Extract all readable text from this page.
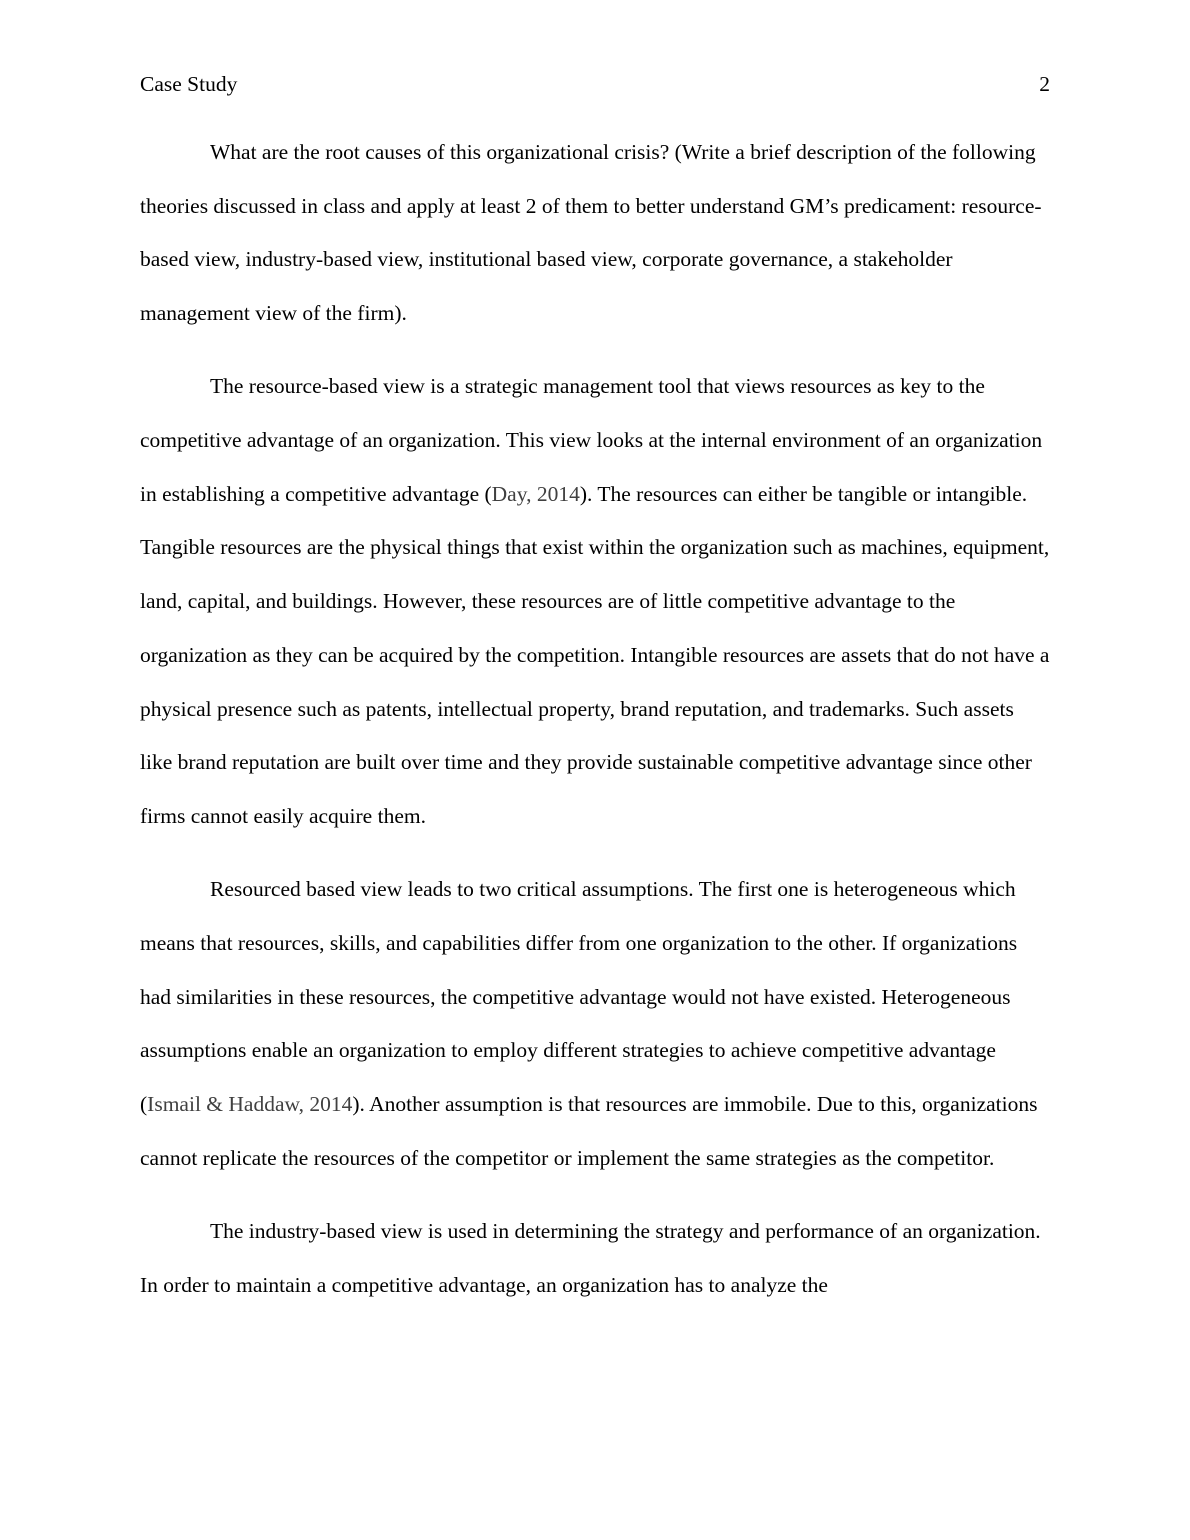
Case Study	2

What are the root causes of this organizational crisis? (Write a brief description of the following theories discussed in class and apply at least 2 of them to better understand GM’s predicament: resource-based view, industry-based view, institutional based view, corporate governance, a stakeholder management view of the firm).

The resource-based view is a strategic management tool that views resources as key to the competitive advantage of an organization. This view looks at the internal environment of an organization in establishing a competitive advantage (Day, 2014). The resources can either be tangible or intangible. Tangible resources are the physical things that exist within the organization such as machines, equipment, land, capital, and buildings. However, these resources are of little competitive advantage to the organization as they can be acquired by the competition. Intangible resources are assets that do not have a physical presence such as patents, intellectual property, brand reputation, and trademarks. Such assets like brand reputation are built over time and they provide sustainable competitive advantage since other firms cannot easily acquire them.

Resourced based view leads to two critical assumptions. The first one is heterogeneous which means that resources, skills, and capabilities differ from one organization to the other. If organizations had similarities in these resources, the competitive advantage would not have existed. Heterogeneous assumptions enable an organization to employ different strategies to achieve competitive advantage (Ismail & Haddaw, 2014). Another assumption is that resources are immobile. Due to this, organizations cannot replicate the resources of the competitor or implement the same strategies as the competitor.

The industry-based view is used in determining the strategy and performance of an organization. In order to maintain a competitive advantage, an organization has to analyze the
